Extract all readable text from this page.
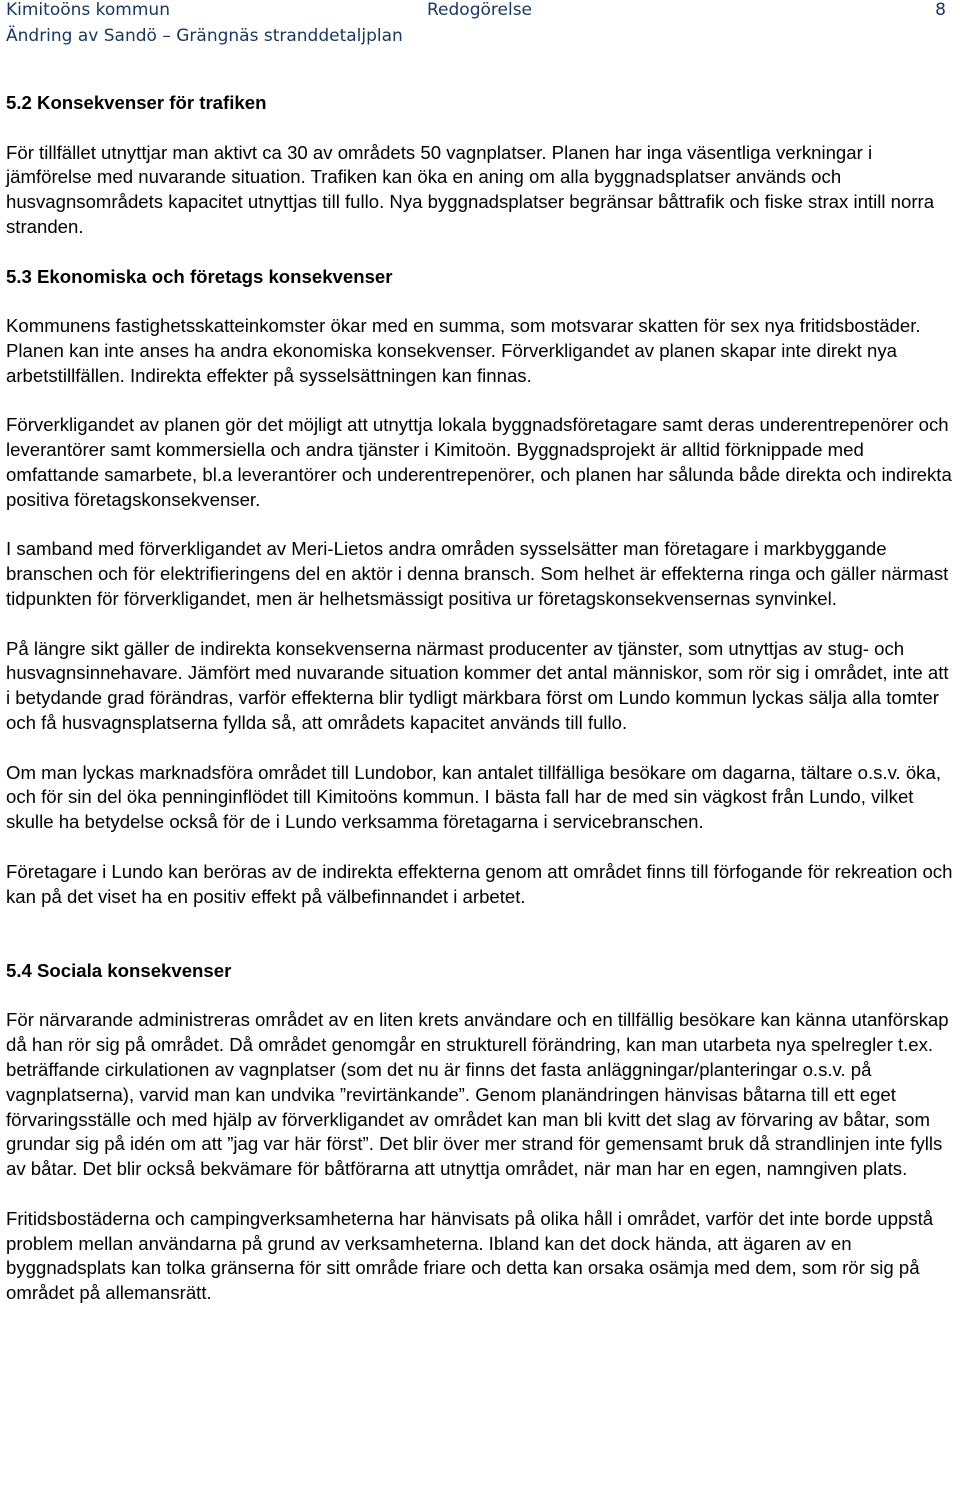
Kimitoöns kommun	Redogörelse	8
Ändring av Sandö – Grängnäs stranddetaljplan
5.2 Konsekvenser för trafiken

För tillfället utnyttjar man aktivt ca 30 av områdets 50 vagnplatser. Planen har inga väsentliga verkningar i jämförelse med nuvarande situation. Trafiken kan öka en aning om alla byggnadsplatser används och husvagnsområdets kapacitet utnyttjas till fullo. Nya byggnadsplatser begränsar båttrafik och fiske strax intill norra stranden.

5.3 Ekonomiska och företags konsekvenser

Kommunens fastighetsskatteinkomster ökar med en summa, som motsvarar skatten för sex nya fritidsbostäder. Planen kan inte anses ha andra ekonomiska konsekvenser. Förverkligandet av planen skapar inte direkt nya arbetstillfällen. Indirekta effekter på sysselsättningen kan finnas.

Förverkligandet av planen gör det möjligt att utnyttja lokala byggnadsföretagare samt deras underentrepenörer och leverantörer samt kommersiella och andra tjänster i Kimitoön. Byggnadsprojekt är alltid förknippade med omfattande samarbete, bl.a leverantörer och underentrepenörer, och planen har sålunda både direkta och indirekta positiva företagskonsekvenser.

I samband med förverkligandet av Meri-Lietos andra områden sysselsätter man företagare i markbyggande branschen och för elektrifieringens del en aktör i denna bransch. Som helhet är effekterna ringa och gäller närmast tidpunkten för förverkligandet, men är helhetsmässigt positiva ur företagskonsekvensernas synvinkel.

På längre sikt gäller de indirekta konsekvenserna närmast producenter av tjänster, som utnyttjas av stug- och husvagnsinnehavare. Jämfört med nuvarande situation kommer det antal människor, som rör sig i området, inte att i betydande grad förändras, varför effekterna blir tydligt märkbara först om Lundo kommun lyckas sälja alla tomter och få husvagnsplatserna fyllda så, att områdets kapacitet används till fullo.

Om man lyckas marknadsföra området till Lundobor, kan antalet tillfälliga besökare om dagarna, tältare o.s.v. öka, och för sin del öka penninginflödet till Kimitoöns kommun. I bästa fall har de med sin vägkost från Lundo, vilket skulle ha betydelse också för de i Lundo verksamma företagarna i servicebranschen.

Företagare i Lundo kan beröras av de indirekta effekterna genom att området finns till förfogande för rekreation och kan på det viset ha en positiv effekt på välbefinnandet i arbetet.

5.4 Sociala konsekvenser

För närvarande administreras området av en liten krets användare och en tillfällig besökare kan känna utanförskap då han rör sig på området. Då området genomgår en strukturell förändring, kan man utarbeta nya spelregler t.ex. beträffande cirkulationen av vagnplatser (som det nu är finns det fasta anläggningar/planteringar o.s.v. på vagnplatserna), varvid man kan undvika ”revirtänkande”. Genom planändringen hänvisas båtarna till ett eget förvaringsställe och med hjälp av förverkligandet av området kan man bli kvitt det slag av förvaring av båtar, som grundar sig på idén om att ”jag var här först”. Det blir över mer strand för gemensamt bruk då strandlinjen inte fylls av båtar. Det blir också bekvämare för båtförarna att utnyttja området, när man har en egen, namngiven plats.

Fritidsbostäderna och campingverksamheterna har hänvisats på olika håll i området, varför det inte borde uppstå problem mellan användarna på grund av verksamheterna. Ibland kan det dock hända, att ägaren av en byggnadsplats kan tolka gränserna för sitt område friare och detta kan orsaka osämja med dem, som rör sig på området på allemansrätt.
